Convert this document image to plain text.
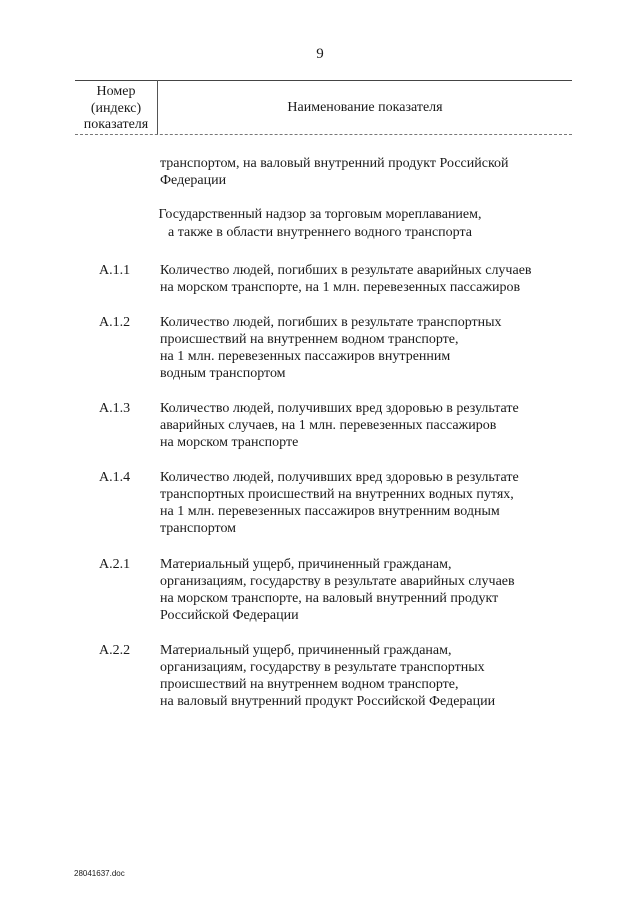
9
Номер
(индекс)
показателя
Наименование показателя
транспортом, на валовый внутренний продукт Российской
Федерации
Государственный надзор за торговым мореплаванием,
а также в области внутреннего водного транспорта
А.1.1 Количество людей, погибших в результате аварийных случаев
на морском транспорте, на 1 млн. перевезенных пассажиров
А.1.2 Количество людей, погибших в результате транспортных
происшествий на внутреннем водном транспорте,
на 1 млн. перевезенных пассажиров внутренним
водным транспортом
А.1.3 Количество людей, получивших вред здоровью в результате
аварийных случаев, на 1 млн. перевезенных пассажиров
на морском транспорте
А.1.4 Количество людей, получивших вред здоровью в результате
транспортных происшествий на внутренних водных путях,
на 1 млн. перевезенных пассажиров внутренним водным
транспортом
А.2.1 Материальный ущерб, причиненный гражданам,
организациям, государству в результате аварийных случаев
на морском транспорте, на валовый внутренний продукт
Российской Федерации
А.2.2 Материальный ущерб, причиненный гражданам,
организациям, государству в результате транспортных
происшествий на внутреннем водном транспорте,
на валовый внутренний продукт Российской Федерации
28041637.doc
